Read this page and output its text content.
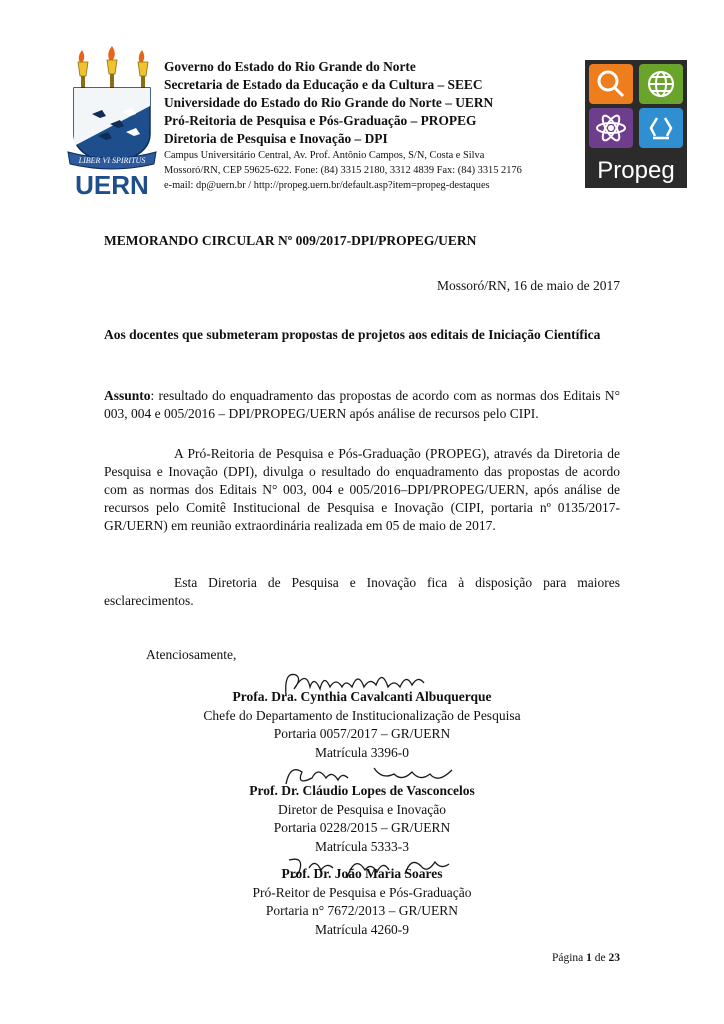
LIBER VI SPIRITUS
UERN
Governo do Estado do Rio Grande do Norte
Secretaria de Estado da Educação e da Cultura – SEEC
Universidade do Estado do Rio Grande do Norte – UERN
Pró-Reitoria de Pesquisa e Pós-Graduação – PROPEG
Diretoria de Pesquisa e Inovação – DPI
Campus Universitário Central, Av. Prof. Antônio Campos, S/N, Costa e Silva
Mossoró/RN, CEP 59625-622. Fone: (84) 3315 2180, 3312 4839 Fax: (84) 3315 2176
e-mail: dp@uern.br / http://propeg.uern.br/default.asp?item=propeg-destaques
Propeg
MEMORANDO CIRCULAR Nº 009/2017-DPI/PROPEG/UERN
Mossoró/RN, 16 de maio de 2017
Aos docentes que submeteram propostas de projetos aos editais de Iniciação Científica
Assunto: resultado do enquadramento das propostas de acordo com as normas dos Editais N° 003, 004 e 005/2016 – DPI/PROPEG/UERN após análise de recursos pelo CIPI.
A Pró-Reitoria de Pesquisa e Pós-Graduação (PROPEG), através da Diretoria de Pesquisa e Inovação (DPI), divulga o resultado do enquadramento das propostas de acordo com as normas dos Editais N° 003, 004 e 005/2016–DPI/PROPEG/UERN, após análise de recursos pelo Comitê Institucional de Pesquisa e Inovação (CIPI, portaria nº 0135/2017-GR/UERN) em reunião extraordinária realizada em 05 de maio de 2017.
Esta Diretoria de Pesquisa e Inovação fica à disposição para maiores esclarecimentos.
Atenciosamente,
Profa. Dra. Cynthia Cavalcanti Albuquerque
Chefe do Departamento de Institucionalização de Pesquisa
Portaria 0057/2017 – GR/UERN
Matrícula 3396-0
Prof. Dr. Cláudio Lopes de Vasconcelos
Diretor de Pesquisa e Inovação
Portaria 0228/2015 – GR/UERN
Matrícula 5333-3
Prof. Dr. João Maria Soares
Pró-Reitor de Pesquisa e Pós-Graduação
Portaria n° 7672/2013 – GR/UERN
Matrícula 4260-9
Página 1 de 23
